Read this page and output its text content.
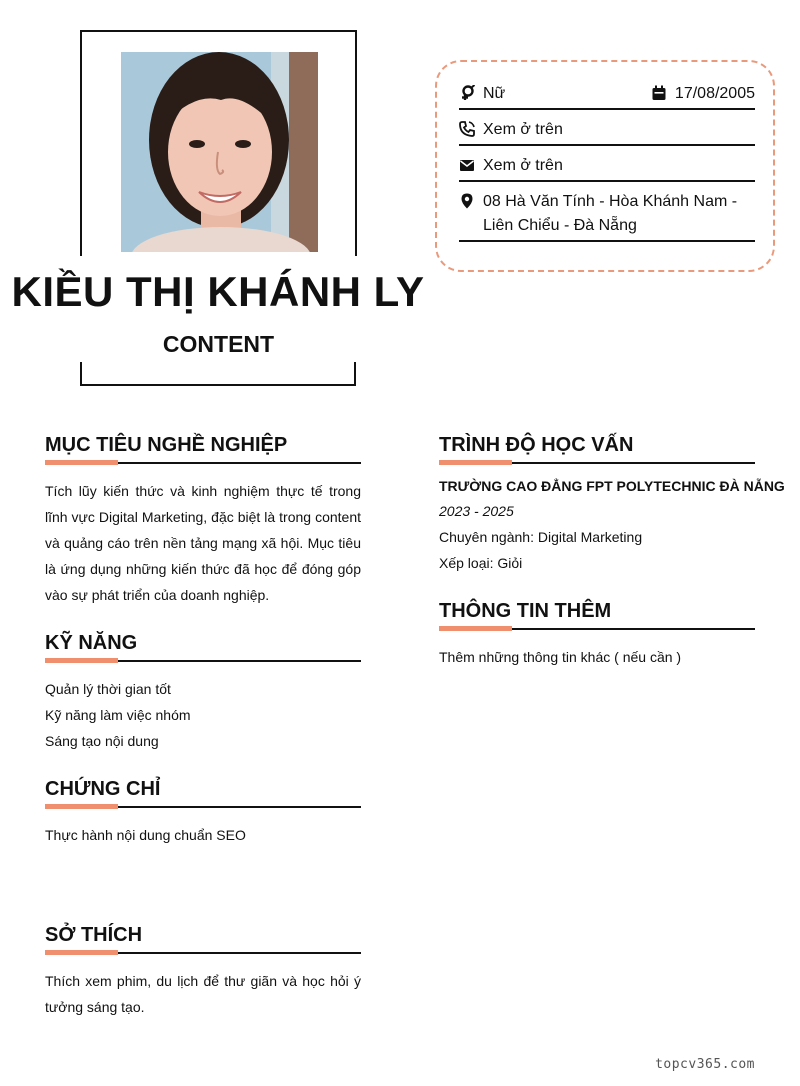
KIỀU THỊ KHÁNH LY
CONTENT
Nữ	17/08/2005
Xem ở trên
Xem ở trên
08 Hà Văn Tính - Hòa Khánh Nam - Liên Chiểu - Đà Nẵng
MỤC TIÊU NGHỀ NGHIỆP

Tích lũy kiến thức và kinh nghiệm thực tế trong lĩnh vực Digital Marketing, đặc biệt là trong content và quảng cáo trên nền tảng mạng xã hội. Mục tiêu là ứng dụng những kiến thức đã học để đóng góp vào sự phát triển của doanh nghiệp.

KỸ NĂNG
Quản lý thời gian tốt
Kỹ năng làm việc nhóm
Sáng tạo nội dung
CHỨNG CHỈ
Thực hành nội dung chuẩn SEO
SỞ THÍCH

Thích xem phim, du lịch để thư giãn và học hỏi ý tưởng sáng tạo.

TRÌNH ĐỘ HỌC VẤN
TRƯỜNG CAO ĐẲNG FPT POLYTECHNIC ĐÀ NẴNG
2023 - 2025
Chuyên ngành: Digital Marketing
Xếp loại: Giỏi
THÔNG TIN THÊM

Thêm những thông tin khác ( nếu cần )

topcv365.com
